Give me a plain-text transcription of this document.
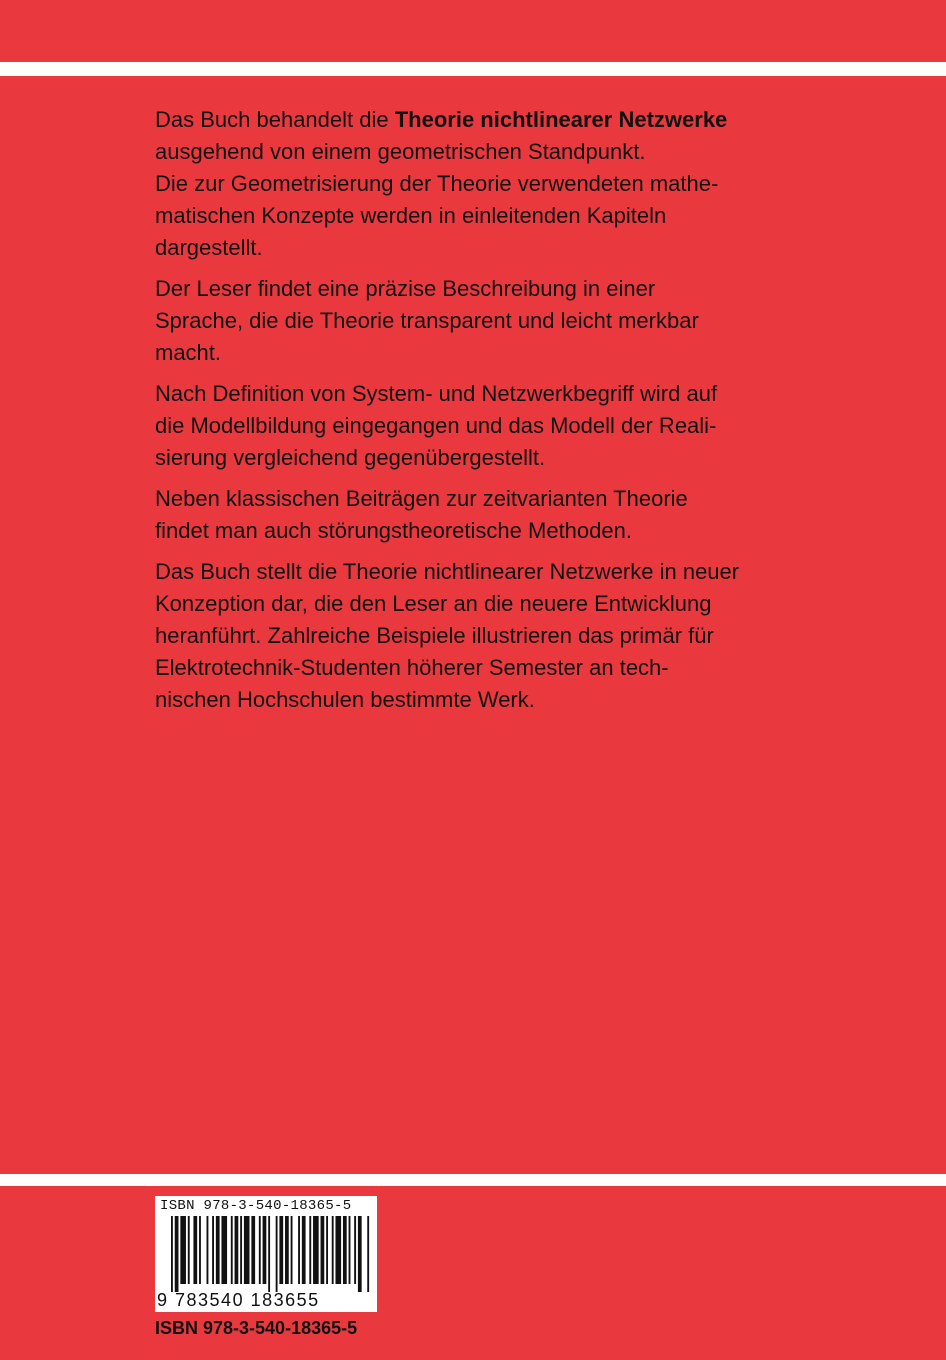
Das Buch behandelt die Theorie nichtlinearer Netzwerke
ausgehend von einem geometrischen Standpunkt.
Die zur Geometrisierung der Theorie verwendeten mathe-
matischen Konzepte werden in einleitenden Kapiteln
dargestellt.

Der Leser findet eine präzise Beschreibung in einer
Sprache, die die Theorie transparent und leicht merkbar
macht.

Nach Definition von System- und Netzwerkbegriff wird auf
die Modellbildung eingegangen und das Modell der Reali-
sierung vergleichend gegenübergestellt.

Neben klassischen Beiträgen zur zeitvarianten Theorie
findet man auch störungstheoretische Methoden.

Das Buch stellt die Theorie nichtlinearer Netzwerke in neuer
Konzeption dar, die den Leser an die neuere Entwicklung
heranführt. Zahlreiche Beispiele illustrieren das primär für
Elektrotechnik-Studenten höherer Semester an tech-
nischen Hochschulen bestimmte Werk.

ISBN 978-3-540-18365-5
9 783540 183655
ISBN 978-3-540-18365-5
